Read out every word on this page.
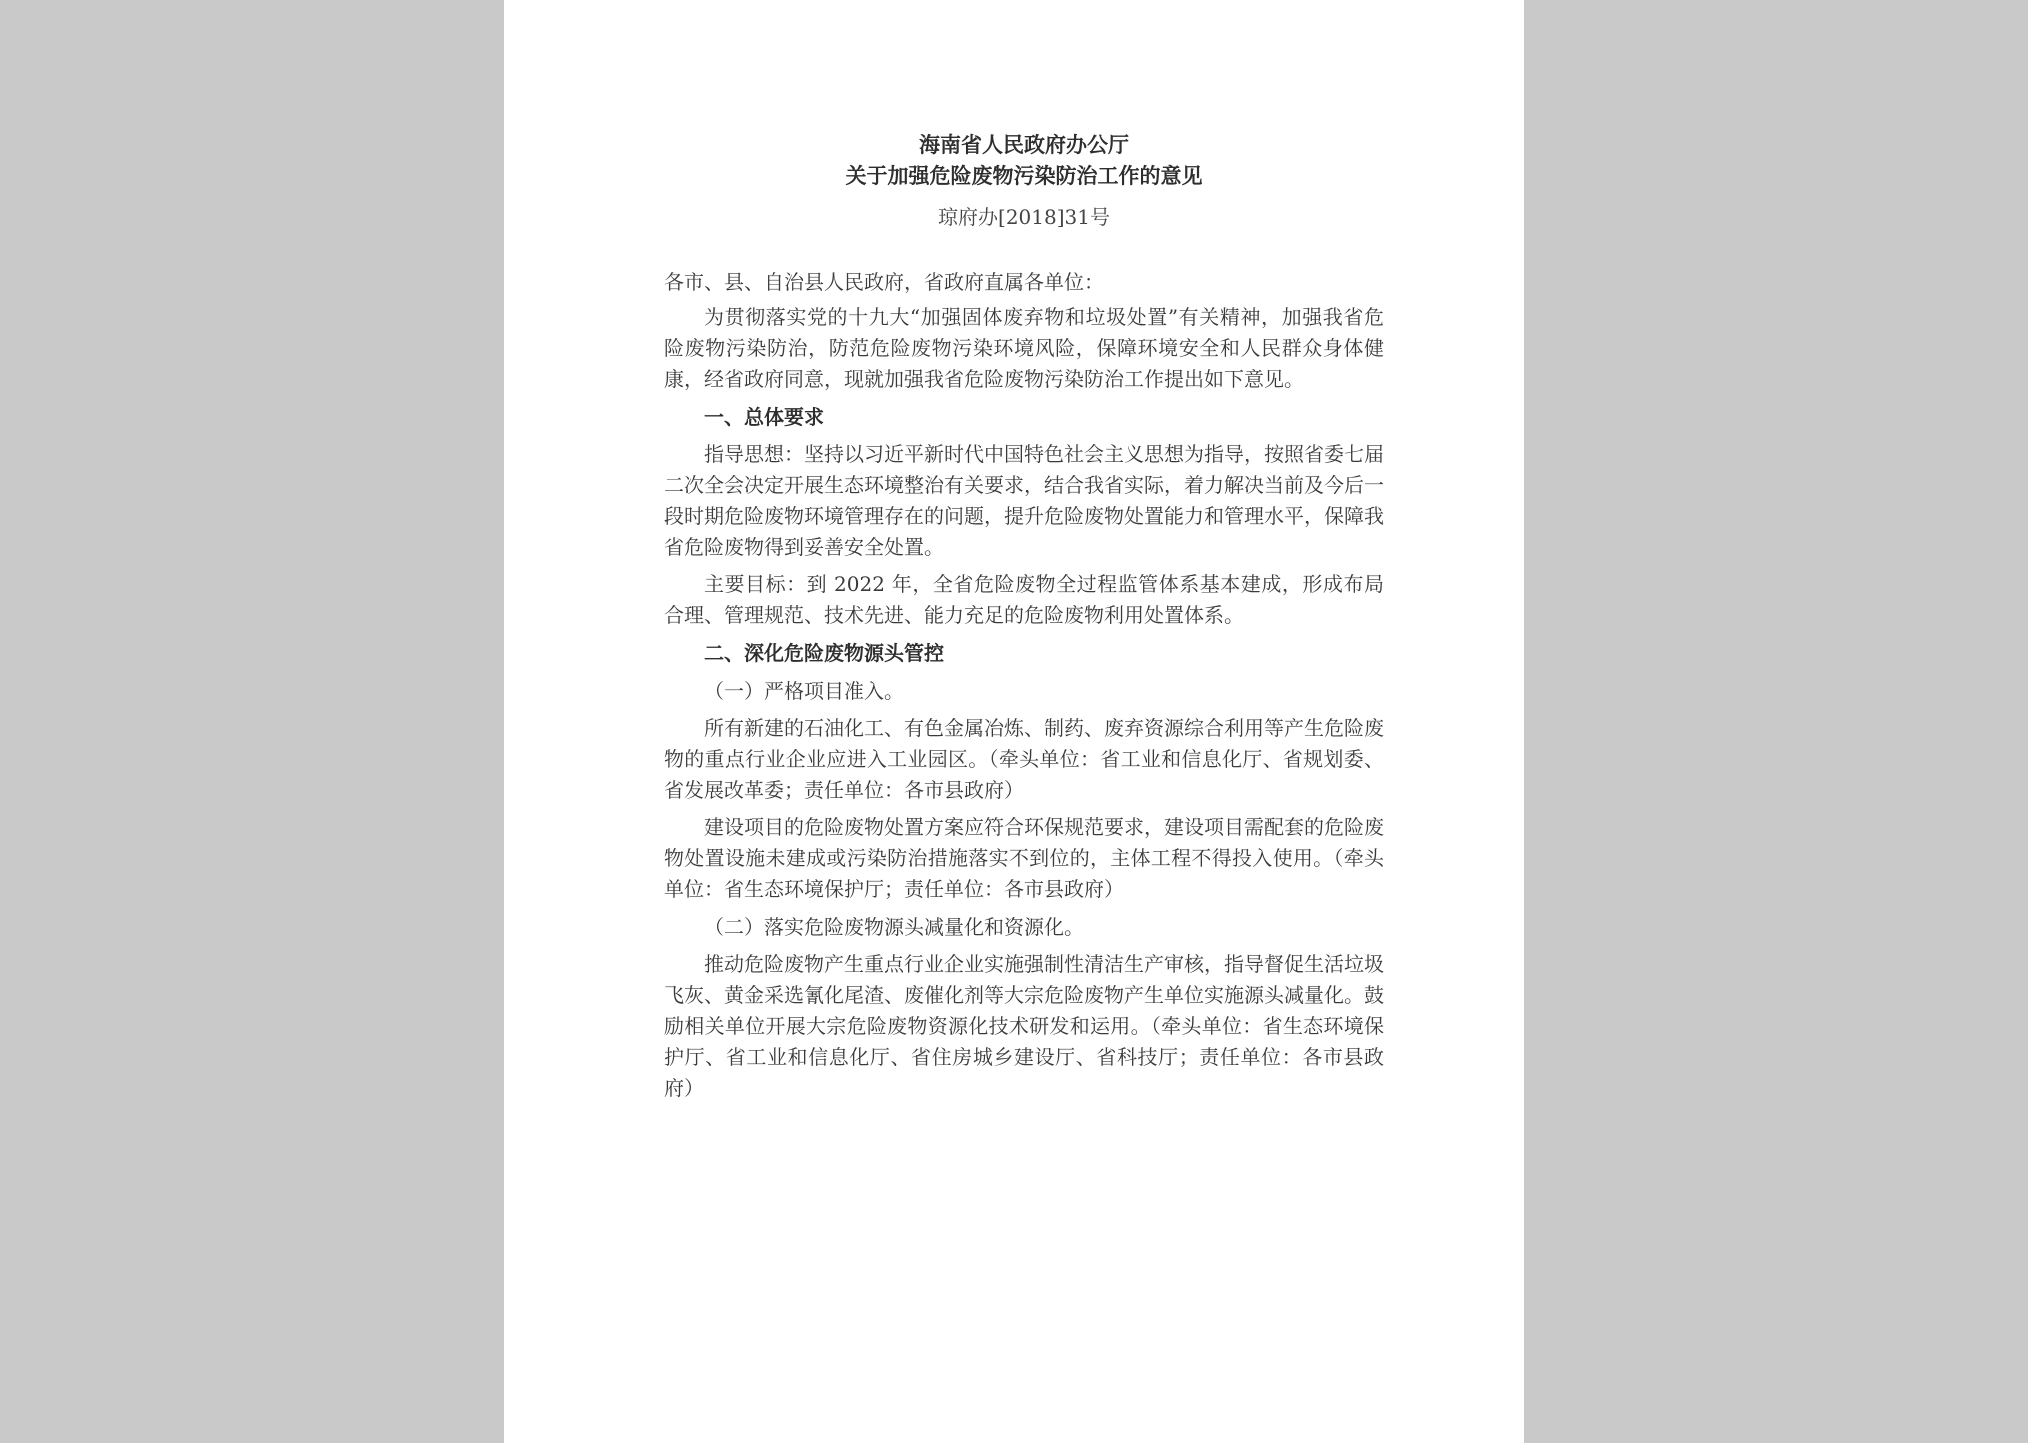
海南省人民政府办公厅

关于加强危险废物污染防治工作的意见

琼府办[2018]31号

各市、县、自治县人民政府，省政府直属各单位：

为贯彻落实党的十九大“加强固体废弃物和垃圾处置”有关精神，加强我省危险废物污染防治，防范危险废物污染环境风险，保障环境安全和人民群众身体健康，经省政府同意，现就加强我省危险废物污染防治工作提出如下意见。

一、总体要求

指导思想：坚持以习近平新时代中国特色社会主义思想为指导，按照省委七届二次全会决定开展生态环境整治有关要求，结合我省实际，着力解决当前及今后一段时期危险废物环境管理存在的问题，提升危险废物处置能力和管理水平，保障我省危险废物得到妥善安全处置。

主要目标：到 2022 年，全省危险废物全过程监管体系基本建成，形成布局合理、管理规范、技术先进、能力充足的危险废物利用处置体系。

二、深化危险废物源头管控

（一）严格项目准入。

所有新建的石油化工、有色金属冶炼、制药、废弃资源综合利用等产生危险废物的重点行业企业应进入工业园区。（牵头单位：省工业和信息化厅、省规划委、省发展改革委；责任单位：各市县政府）

建设项目的危险废物处置方案应符合环保规范要求，建设项目需配套的危险废物处置设施未建成或污染防治措施落实不到位的，主体工程不得投入使用。（牵头单位：省生态环境保护厅；责任单位：各市县政府）

（二）落实危险废物源头减量化和资源化。

推动危险废物产生重点行业企业实施强制性清洁生产审核，指导督促生活垃圾飞灰、黄金采选氰化尾渣、废催化剂等大宗危险废物产生单位实施源头减量化。鼓励相关单位开展大宗危险废物资源化技术研发和运用。（牵头单位：省生态环境保护厅、省工业和信息化厅、省住房城乡建设厅、省科技厅；责任单位：各市县政府）
